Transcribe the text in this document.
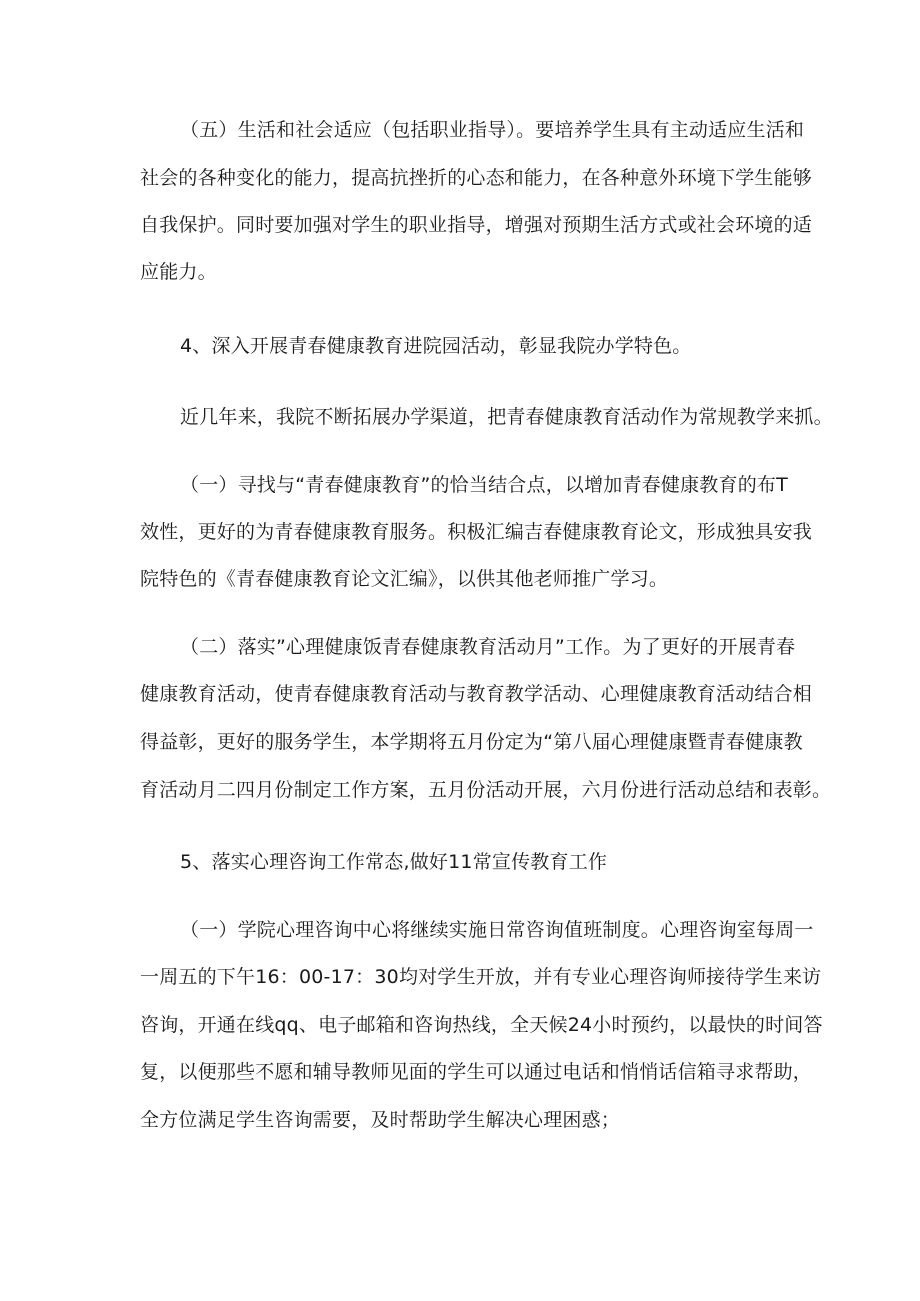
（五）生活和社会适应（包括职业指导）。要培养学生具有主动适应生活和
社会的各种变化的能力，提高抗挫折的心态和能力，在各种意外环境下学生能够
自我保护。同时要加强对学生的职业指导，增强对预期生活方式或社会环境的适
应能力。
4、深入开展青春健康教育进院园活动，彰显我院办学特色。
近几年来，我院不断拓展办学渠道，把青春健康教育活动作为常规教学来抓。
（一）寻找与“青春健康教育”的恰当结合点，以增加青春健康教育的布T
效性，更好的为青春健康教育服务。积极汇编吉春健康教育论文，形成独具安我
院特色的《青春健康教育论文汇编》，以供其他老师推广学习。
（二）落实”心理健康饭青春健康教育活动月”工作。为了更好的开展青春
健康教育活动，使青春健康教育活动与教育教学活动、心理健康教育活动结合相
得益彰，更好的服务学生，本学期将五月份定为“第八届心理健康暨青春健康教
育活动月二四月份制定工作方案，五月份活动开展，六月份进行活动总结和表彰。
5、落实心理咨询工作常态,做好11常宣传教育工作
（一）学院心理咨询中心将继续实施日常咨询值班制度。心理咨询室每周一
一周五的下午16：00-17：30均对学生开放，并有专业心理咨询师接待学生来访
咨询，开通在线qq、电子邮箱和咨询热线，全天候24小时预约，以最快的时间答
复，以便那些不愿和辅导教师见面的学生可以通过电话和悄悄话信箱寻求帮助，
全方位满足学生咨询需要，及时帮助学生解决心理困惑；
